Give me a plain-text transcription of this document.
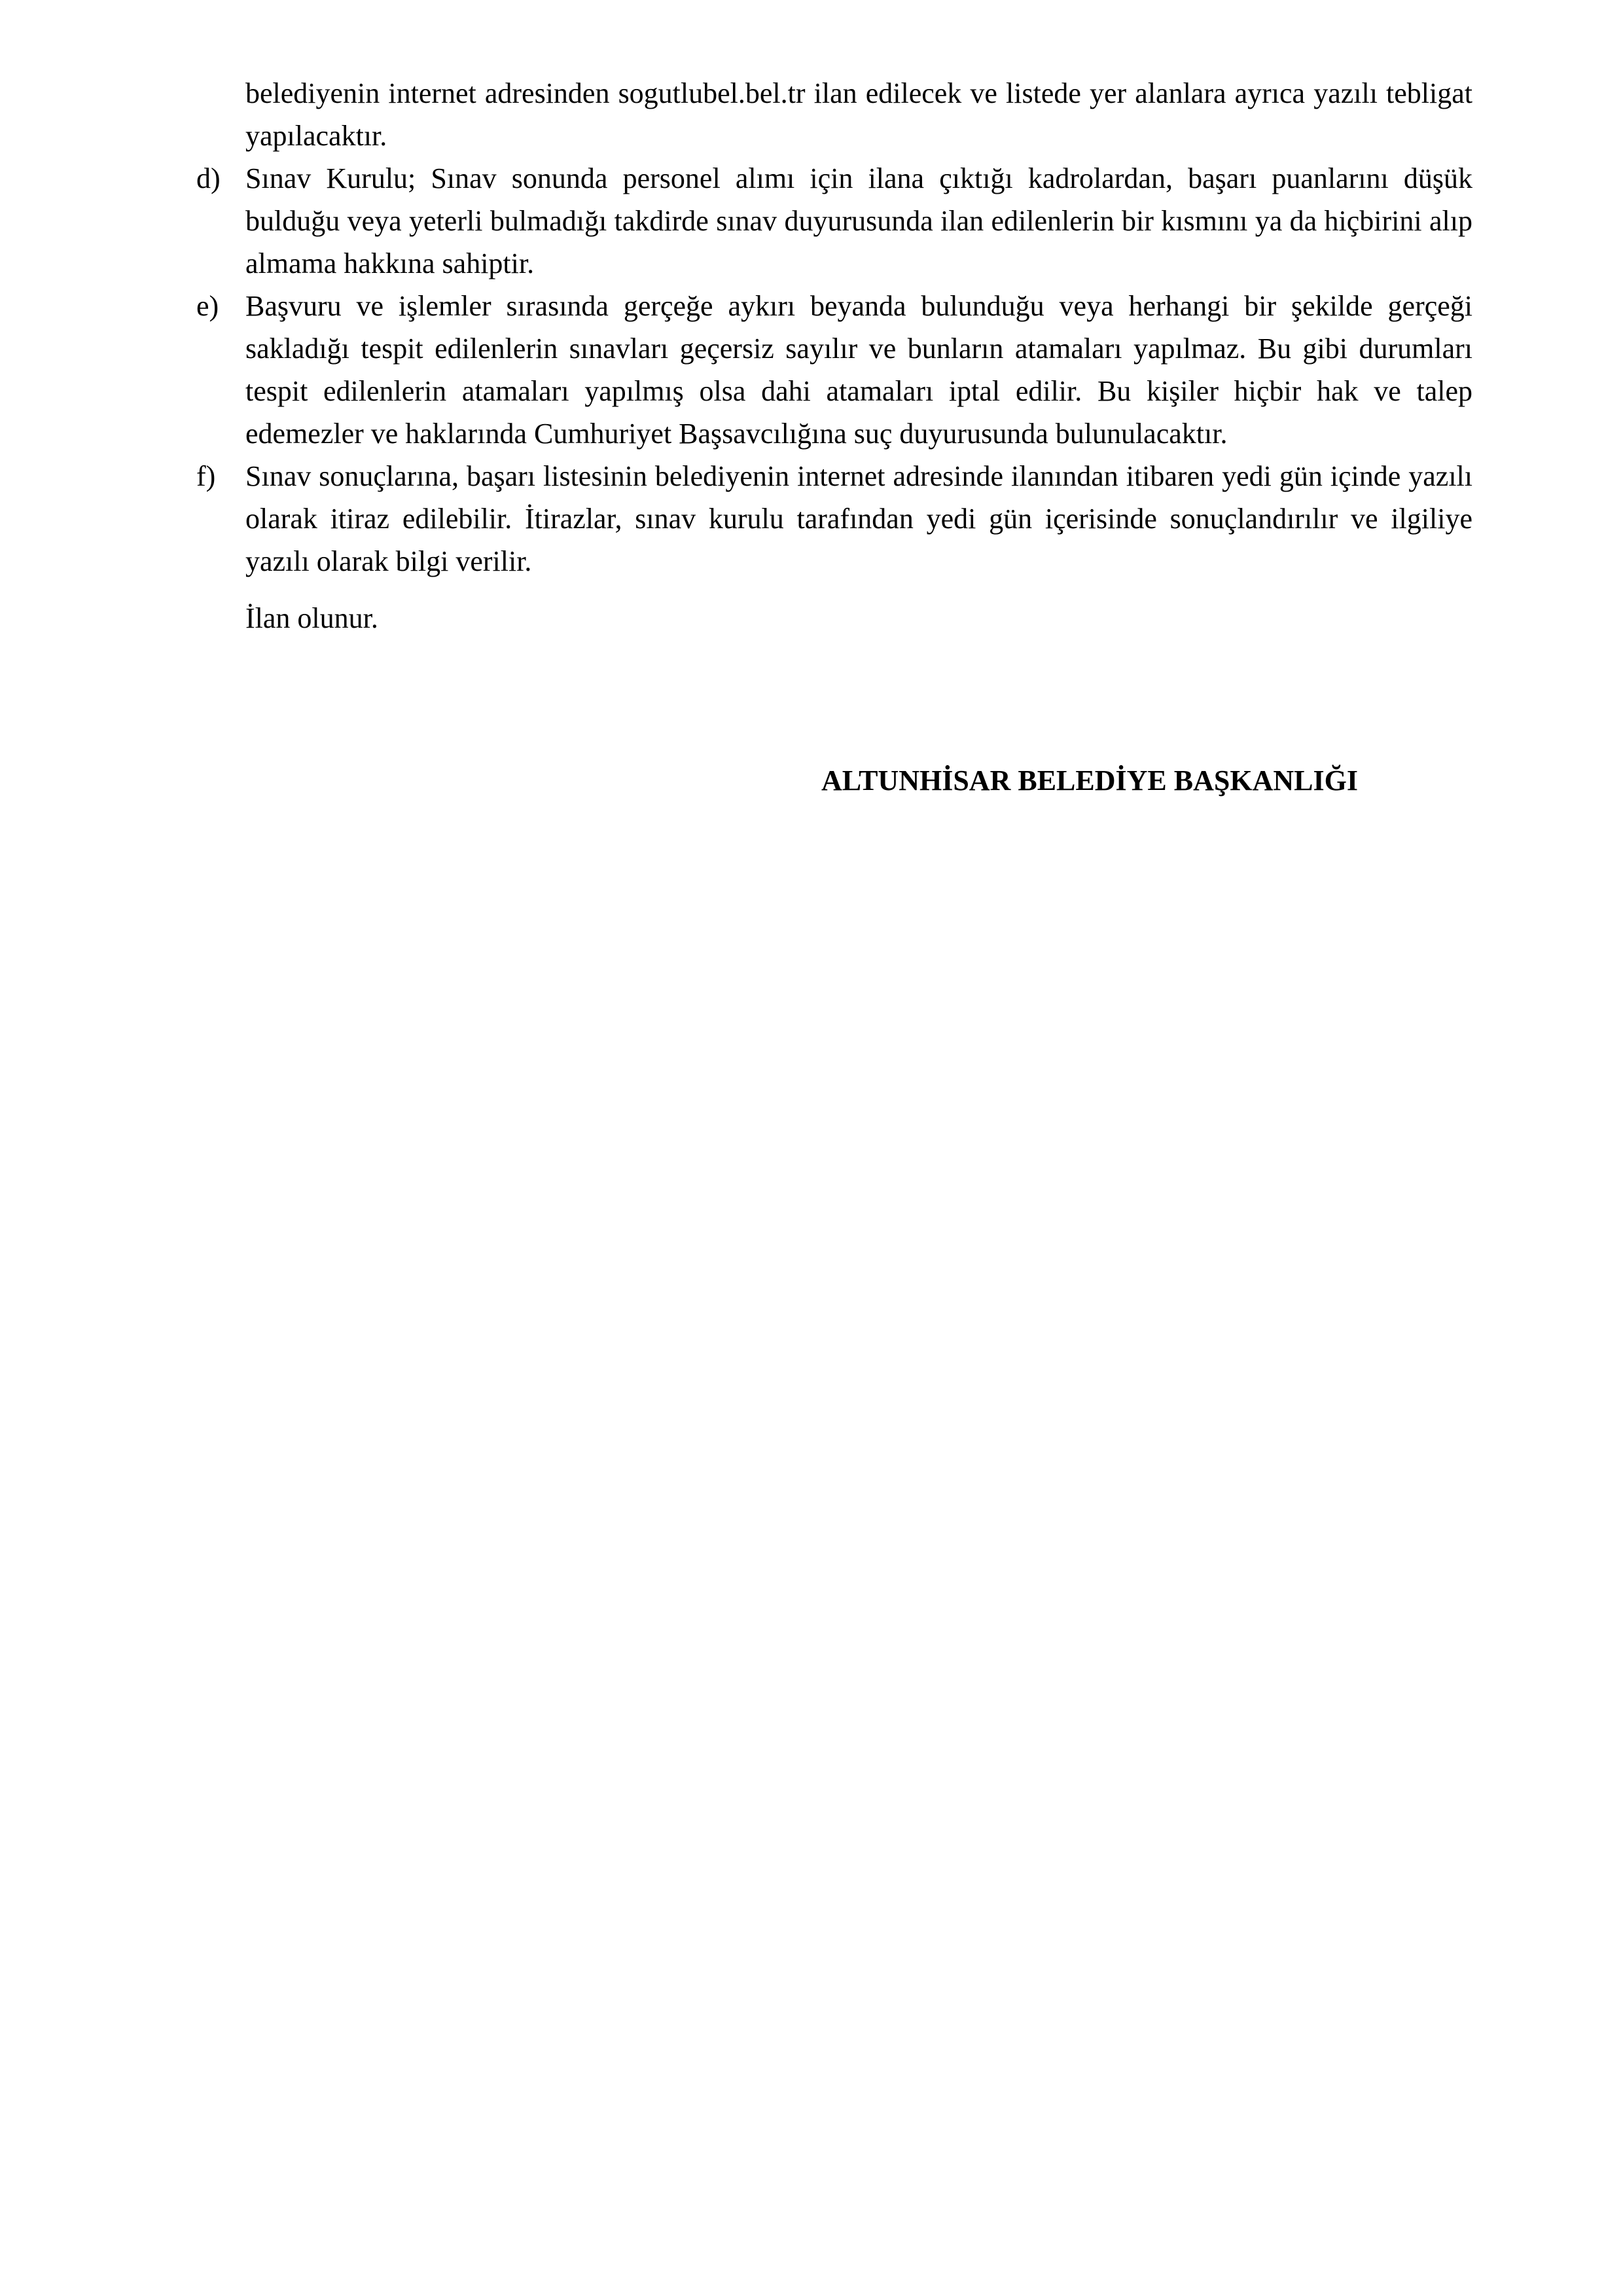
belediyenin internet adresinden sogutlubel.bel.tr ilan edilecek ve listede yer alanlara ayrıca yazılı tebligat yapılacaktır.

d) Sınav Kurulu; Sınav sonunda personel alımı için ilana çıktığı kadrolardan, başarı puanlarını düşük bulduğu veya yeterli bulmadığı takdirde sınav duyurusunda ilan edilenlerin bir kısmını ya da hiçbirini alıp almama hakkına sahiptir.
e) Başvuru ve işlemler sırasında gerçeğe aykırı beyanda bulunduğu veya herhangi bir şekilde gerçeği sakladığı tespit edilenlerin sınavları geçersiz sayılır ve bunların atamaları yapılmaz. Bu gibi durumları tespit edilenlerin atamaları yapılmış olsa dahi atamaları iptal edilir. Bu kişiler hiçbir hak ve talep edemezler ve haklarında Cumhuriyet Başsavcılığına suç duyurusunda bulunulacaktır.
f)	Sınav sonuçlarına, başarı listesinin belediyenin internet adresinde ilanından itibaren yedi gün içinde yazılı olarak itiraz edilebilir. İtirazlar, sınav kurulu tarafından yedi gün içerisinde sonuçlandırılır ve ilgiliye yazılı olarak bilgi verilir.

İlan olunur.

ALTUNHİSAR BELEDİYE BAŞKANLIĞI
